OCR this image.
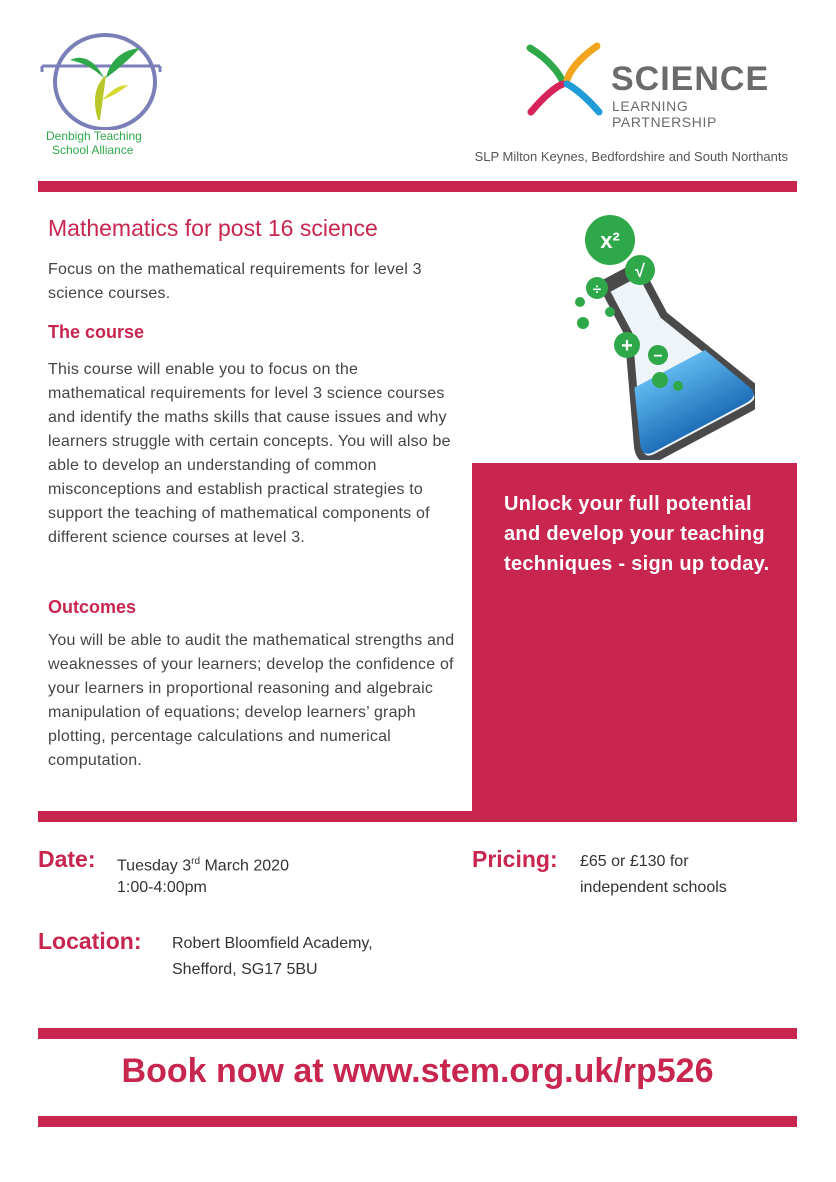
Denbigh Teaching
School Alliance
SCIENCE
LEARNING PARTNERSHIP
SLP Milton Keynes, Bedfordshire and South Northants
Mathematics for post 16 science
Focus on the mathematical requirements for level 3 science courses.
The course
This course will enable you to focus on the mathematical requirements for level 3 science courses and identify the maths skills that cause issues and why learners struggle with certain concepts. You will also be able to develop an understanding of common misconceptions and establish practical strategies to support the teaching of mathematical components of different science courses at level 3.
Outcomes
You will be able to audit the mathematical strengths and weaknesses of your learners; develop the confidence of your learners in proportional reasoning and algebraic manipulation of equations; develop learners’ graph plotting, percentage calculations and numerical computation.
x²
√
÷
+ −
Unlock your full potential and develop your teaching techniques - sign up today.
Date: Tuesday 3rd March 2020
1:00-4:00pm
Location: Robert Bloomfield Academy,
Shefford, SG17 5BU
Pricing: £65 or £130 for
independent schools
Book now at www.stem.org.uk/rp526
